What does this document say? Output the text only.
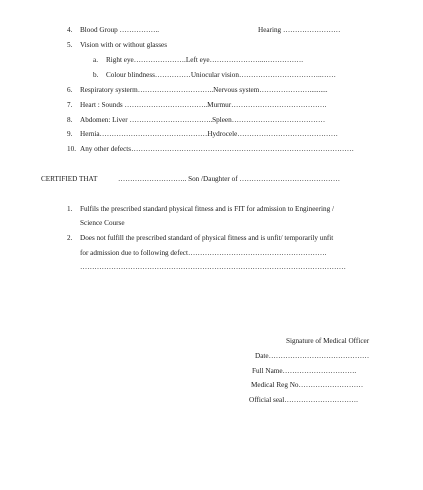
4. Blood Group ……………..	Hearing ……………………
5. Vision with or without glasses
a. Right eye………………….Left eye…………………...…………….
b. Colour blindness……………Uniocular vision……………………………..……
6. Respiratory systerm…………………………..Nervous system…………………..........
7. Heart : Sounds ……………………………..Murmur………………………………….
8. Abdomen: Liver ……………………………..Spleen…………………………………
9. Hernia………………………………………Hydrocele……………………………………
10. Any other defects…………………………………………………………………………………
CERTIFIED THAT	……………………….. Son /Daughter of ……………………………………
1. Fulfils the prescribed standard physical fitness and is FIT for admission to Engineering /
Science Course
2. Does not fulfill the prescribed standard of physical fitness and is unfit/ temporarily unfit
for admission due to following defect………………………………………………….
…………………………………………………………………………………………………
Signature of Medical Officer
Date……………………………………
Full Name………………………….
Medical Reg No………………………
Official seal………………………….
